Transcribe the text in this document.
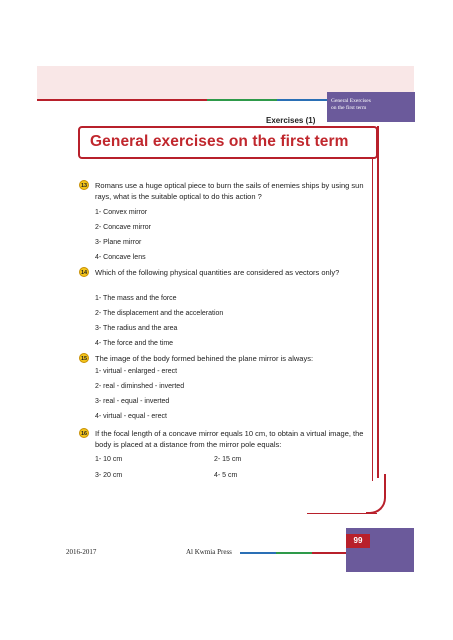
General Exercises
on the first term
Exercises (1)
General exercises on the first term
13 Romans use a huge optical piece to burn the sails of enemies ships by using sun rays, what is the suitable optical to do this action ?
1- Convex mirror
2- Concave mirror
3- Plane mirror
4- Concave lens
14 Which of the following physical quantities are considered as vectors only?
1- The mass and the force
2- The displacement and the acceleration
3- The radius and the area
4- The force and the time
15 The image of the body formed behined the plane mirror is always:
1- virtual - enlarged - erect
2- real - diminshed - inverted
3- real - equal - inverted
4- virtual - equal - erect
16 If the focal length of a concave mirror equals 10 cm, to obtain a virtual image, the body is placed at a distance from the mirror pole equals:
1- 10 cm	2- 15 cm
3- 20 cm	4- 5 cm
99
2016-2017	Al Kwmia Press
